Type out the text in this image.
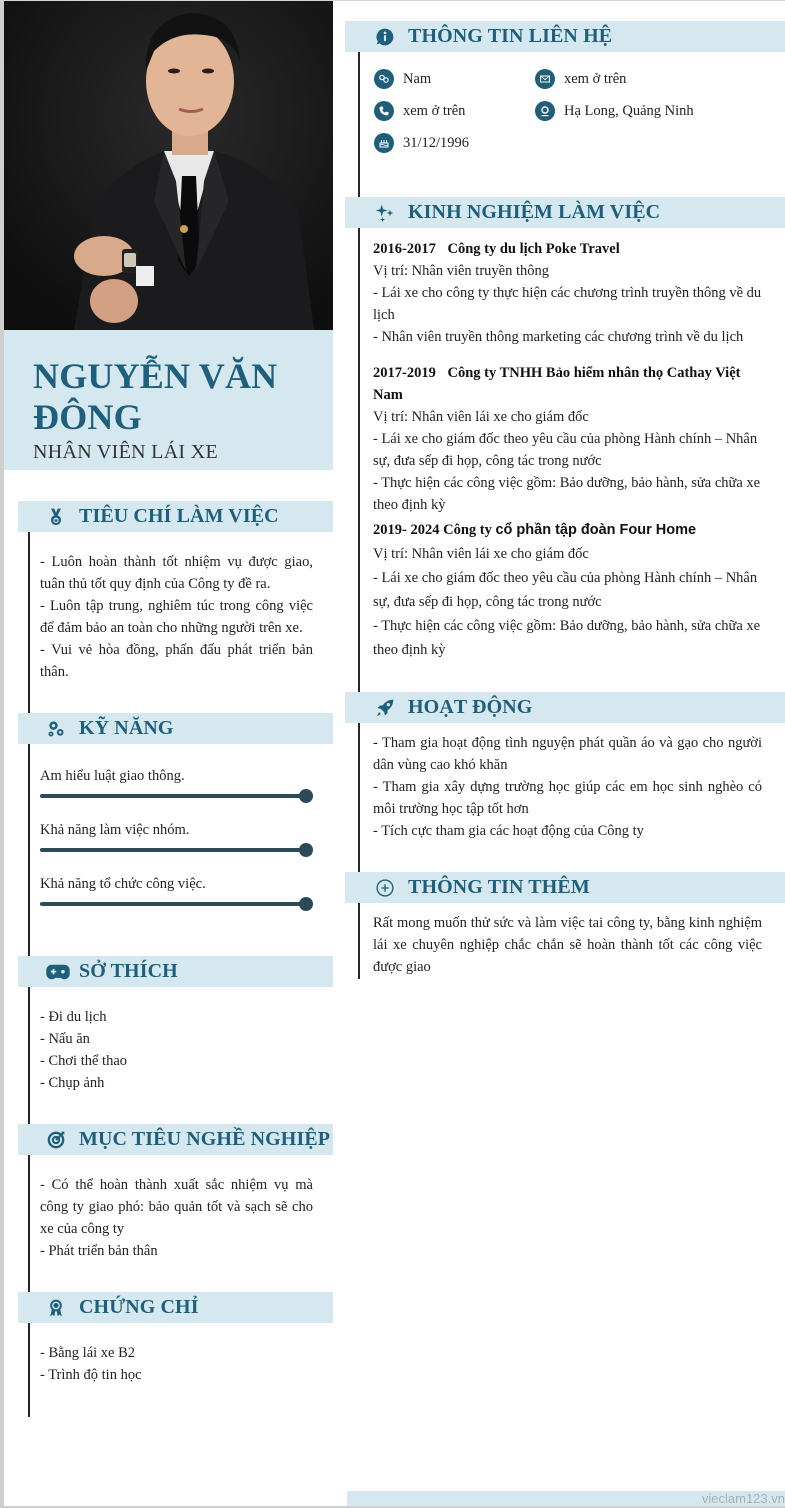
NGUYỄN VĂN
ĐÔNG
NHÂN VIÊN LÁI XE
TIÊU CHÍ LÀM VIỆC
- Luôn hoàn thành tốt nhiệm vụ được giao, tuân thủ tốt quy định của Công ty đề ra.
- Luôn tập trung, nghiêm túc trong công việc để đảm bảo an toàn cho những người trên xe.
- Vui vẻ hòa đồng, phấn đấu phát triển bản thân.
KỸ NĂNG
Am hiểu luật giao thông.
Khả năng làm việc nhóm.
Khả năng tổ chức công việc.
SỞ THÍCH
- Đi du lịch
- Nấu ăn
- Chơi thể thao
- Chụp ảnh
MỤC TIÊU NGHỀ NGHIỆP
- Có thể hoàn thành xuất sắc nhiệm vụ mà công ty giao phó: bảo quản tốt và sạch sẽ cho xe của công ty
- Phát triển bản thân
CHỨNG CHỈ
- Bằng lái xe B2
- Trình độ tin học
THÔNG TIN LIÊN HỆ
Nam	xem ở trên
xem ở trên	Hạ Long, Quảng Ninh
31/12/1996
KINH NGHIỆM LÀM VIỆC
2016-2017 Công ty du lịch Poke Travel
Vị trí: Nhân viên truyền thông
- Lái xe cho công ty thực hiện các chương trình truyền thông về du lịch
- Nhân viên truyền thông marketing các chương trình về du lịch
2017-2019 Công ty TNHH Bảo hiểm nhân thọ Cathay Việt Nam
Vị trí: Nhân viên lái xe cho giám đốc
- Lái xe cho giám đốc theo yêu cầu của phòng Hành chính – Nhân sự, đưa sếp đi họp, công tác trong nước
- Thực hiện các công việc gồm: Bảo dưỡng, bảo hành, sửa chữa xe theo định kỳ
2019- 2024 Công ty cổ phần tập đoàn Four Home
Vị trí: Nhân viên lái xe cho giám đốc
- Lái xe cho giám đốc theo yêu cầu của phòng Hành chính – Nhân sự, đưa sếp đi họp, công tác trong nước
- Thực hiện các công việc gồm: Bảo dưỡng, bảo hành, sửa chữa xe theo định kỳ
HOẠT ĐỘNG
- Tham gia hoạt động tình nguyện phát quần áo và gạo cho người dân vùng cao khó khăn
- Tham gia xây dựng trường học giúp các em học sinh nghèo có môi trường học tập tốt hơn
- Tích cực tham gia các hoạt động của Công ty
THÔNG TIN THÊM
Rất mong muốn thử sức và làm việc tai công ty, bằng kinh nghiệm lái xe chuyên nghiệp chắc chắn sẽ hoàn thành tốt các công việc được giao
vieclam123.vn
